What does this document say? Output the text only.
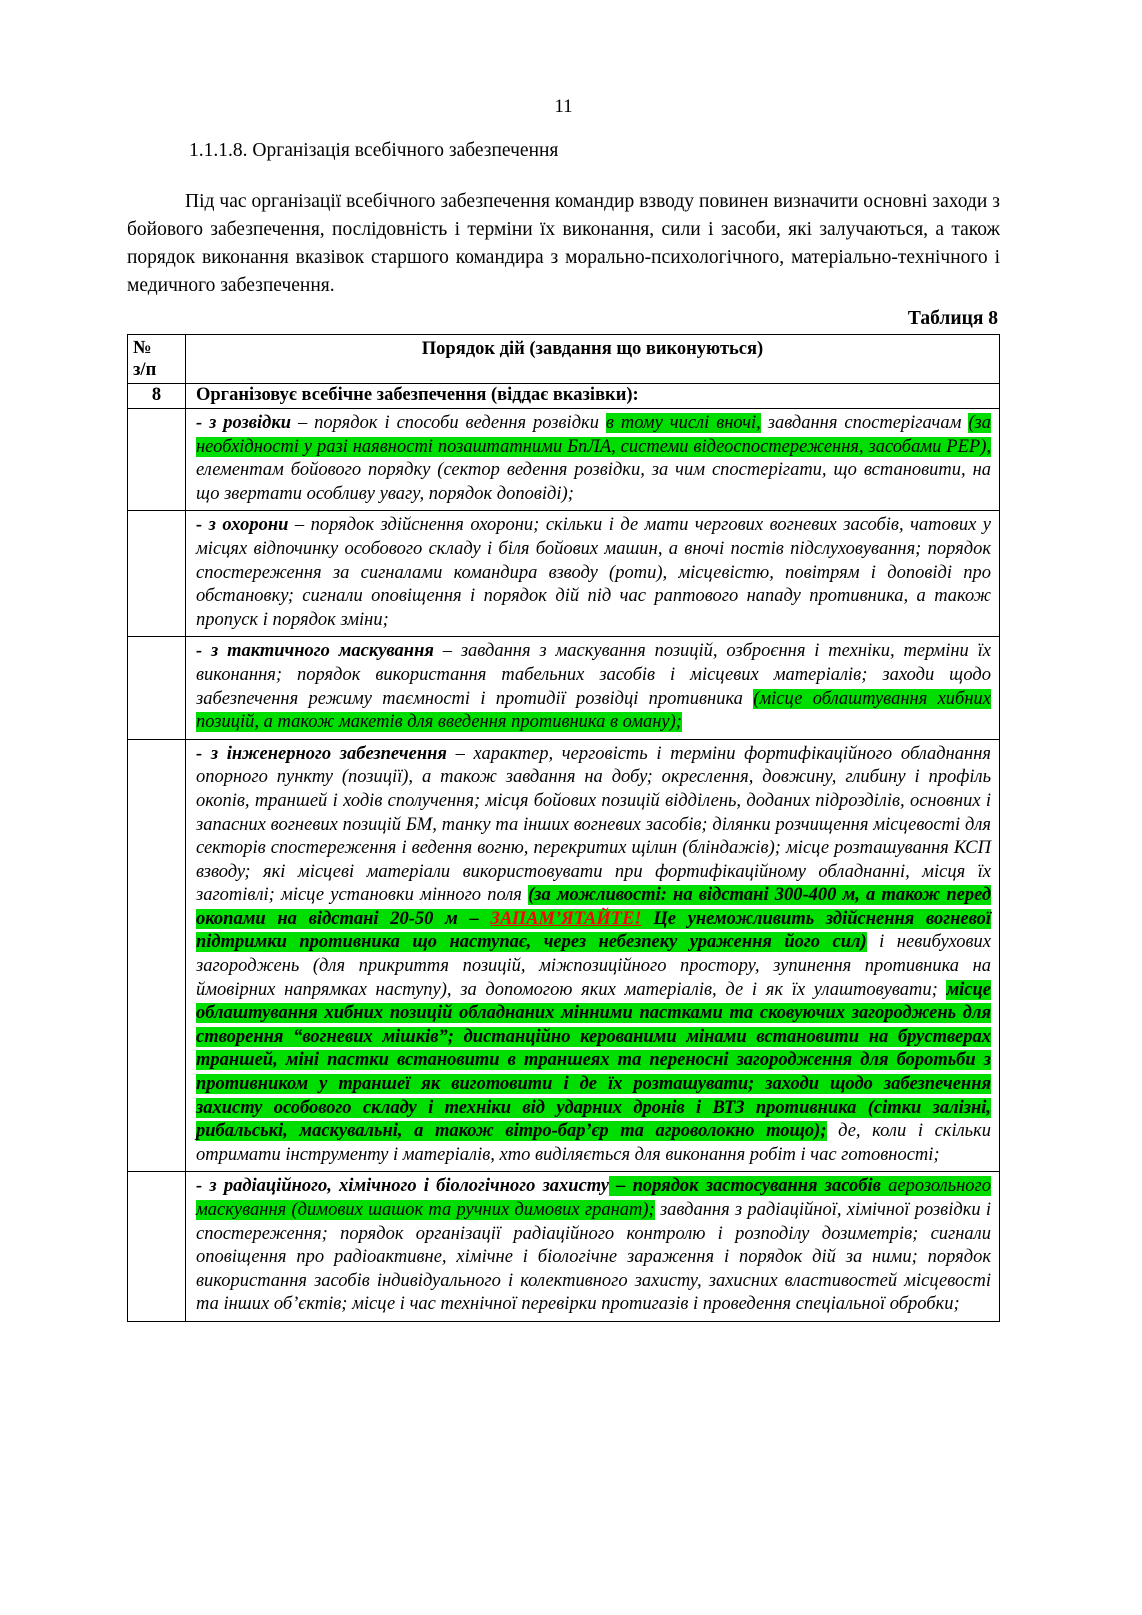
11
1.1.1.8. Організація всебічного забезпечення

Під час організації всебічного забезпечення командир взводу повинен визначити основні заходи з бойового забезпечення, послідовність і терміни їх виконання, сили і засоби, які залучаються, а також порядок виконання вказівок старшого командира з морально-психологічного, матеріально-технічного і медичного забезпечення.

Таблиця 8
№
з/п	Порядок дій (завдання що виконуються)
8	Організовує всебічне забезпечення (віддає вказівки):
	- з розвідки – порядок і способи ведення розвідки в тому числі вночі, завдання спостерігачам (за необхідності у разі наявності позаштатними БпЛА, системи відеоспостереження, засобами РЕР), елементам бойового порядку (сектор ведення розвідки, за чим спостерігати, що встановити, на що звертати особливу увагу, порядок доповіді);
	- з охорони – порядок здійснення охорони; скільки і де мати чергових вогневих засобів, чатових у місцях відпочинку особового складу і біля бойових машин, а вночі постів підслуховування; порядок спостереження за сигналами командира взводу (роти), місцевістю, повітрям і доповіді про обстановку; сигнали оповіщення і порядок дій під час раптового нападу противника, а також пропуск і порядок зміни;
	- з тактичного маскування – завдання з маскування позицій, озброєння і техніки, терміни їх виконання; порядок використання табельних засобів і місцевих матеріалів; заходи щодо забезпечення режиму таємності і протидії розвідці противника (місце облаштування хибних позицій, а також макетів для введення противника в оману);
	- з інженерного забезпечення – характер, черговість і терміни фортифікаційного обладнання опорного пункту (позиції), а також завдання на добу; окреслення, довжину, глибину і профіль окопів, траншей і ходів сполучення; місця бойових позицій відділень, доданих підрозділів, основних і запасних вогневих позицій БМ, танку та інших вогневих засобів; ділянки розчищення місцевості для секторів спостереження і ведення вогню, перекритих щілин (бліндажів); місце розташування КСП взводу; які місцеві матеріали використовувати при фортифікаційному обладнанні, місця їх заготівлі; місце установки мінного поля (за можливості: на відстані 300-400 м, а також перед окопами на відстані 20-50 м – ЗАПАМ’ЯТАЙТЕ! Це унеможливить здійснення вогневої підтримки противника що наступає, через небезпеку ураження його сил) і невибухових загороджень (для прикриття позицій, міжпозиційного простору, зупинення противника на ймовірних напрямках наступу), за допомогою яких матеріалів, де і як їх улаштовувати; місце облаштування хибних позицій обладнаних мінними пастками та сковуючих загороджень для створення “вогневих мішків”; дистанційно керованими мінами встановити на брустверах траншей, міні пастки встановити в траншеях та переносні загородження для боротьби з противником у траншеї як виготовити і де їх розташувати; заходи щодо забезпечення захисту особового складу і техніки від ударних дронів і ВТЗ противника (сітки залізні, рибальські, маскувальні, а також вітро-бар’єр та агроволокно тощо); де, коли і скільки отримати інструменту і матеріалів, хто виділяється для виконання робіт і час готовності;
	- з радіаційного, хімічного і біологічного захисту – порядок застосування засобів аерозольного маскування (димових шашок та ручних димових гранат); завдання з радіаційної, хімічної розвідки і спостереження; порядок організації радіаційного контролю і розподілу дозиметрів; сигнали оповіщення про радіоактивне, хімічне і біологічне зараження і порядок дій за ними; порядок використання засобів індивідуального і колективного захисту, захисних властивостей місцевості та інших об’єктів; місце і час технічної перевірки протигазів і проведення спеціальної обробки;
